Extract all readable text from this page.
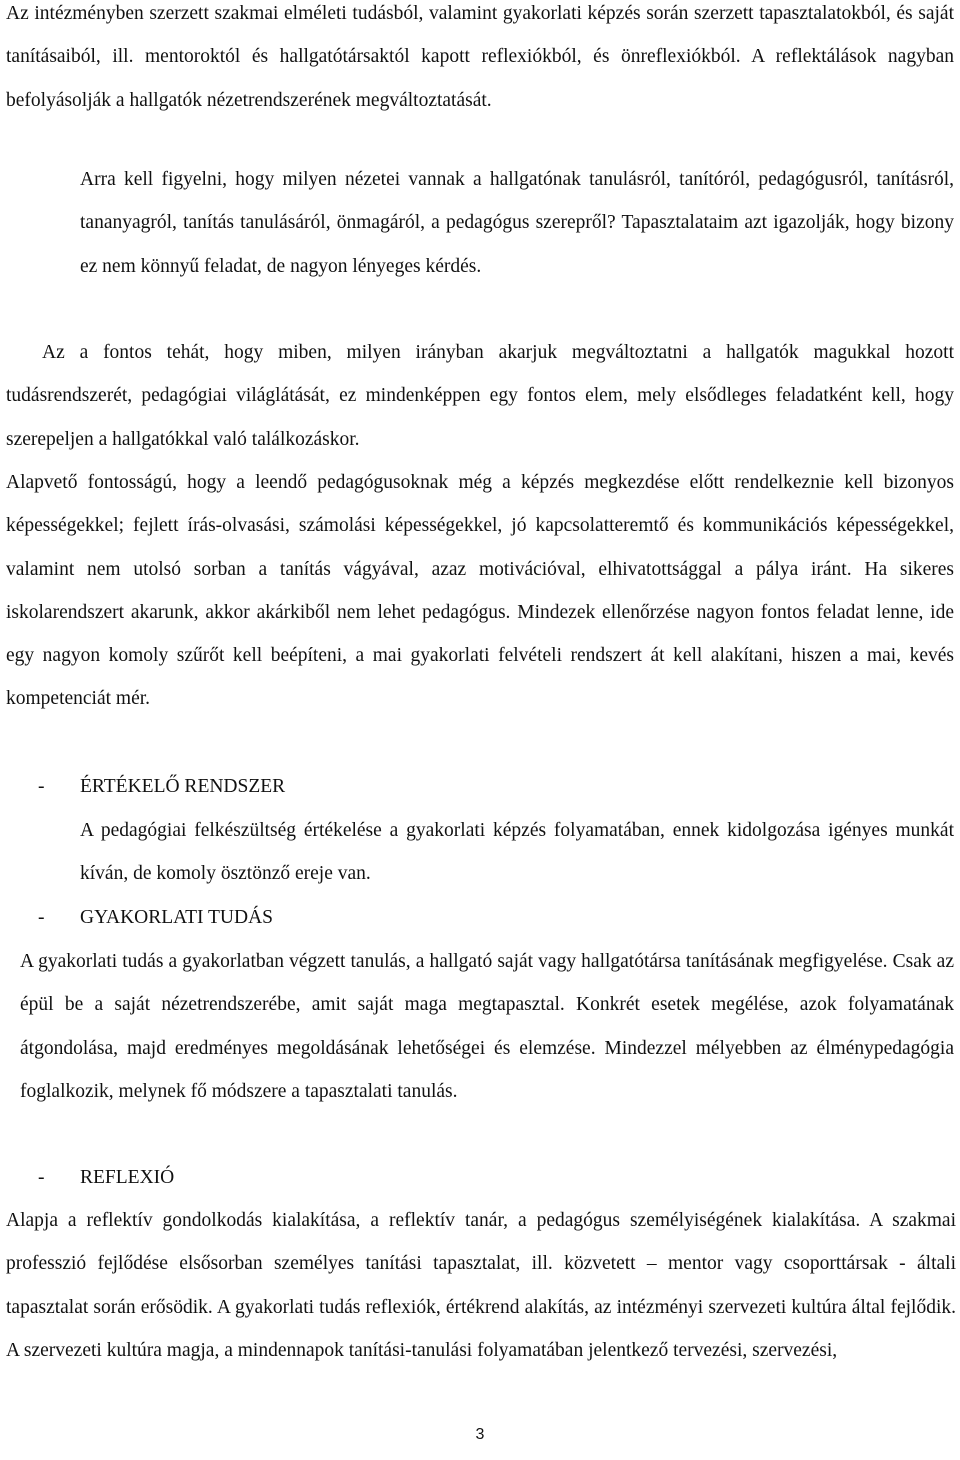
Az intézményben szerzett szakmai elméleti tudásból, valamint gyakorlati képzés során szerzett tapasztalatokból, és saját tanításaiból, ill. mentoroktól és hallgatótársaktól kapott reflexiókból, és önreflexiókból. A reflektálások nagyban befolyásolják a hallgatók nézetrendszerének megváltoztatását.

Arra kell figyelni, hogy milyen nézetei vannak a hallgatónak tanulásról, tanítóról, pedagógusról, tanításról, tananyagról, tanítás tanulásáról, önmagáról, a pedagógus szerepről? Tapasztalataim azt igazolják, hogy bizony ez nem könnyű feladat, de nagyon lényeges kérdés.

Az a fontos tehát, hogy miben, milyen irányban akarjuk megváltoztatni a hallgatók magukkal hozott tudásrendszerét, pedagógiai világlátását, ez mindenképpen egy fontos elem, mely elsődleges feladatként kell, hogy szerepeljen a hallgatókkal való találkozáskor.

Alapvető fontosságú, hogy a leendő pedagógusoknak még a képzés megkezdése előtt rendelkeznie kell bizonyos képességekkel; fejlett írás-olvasási, számolási képességekkel, jó kapcsolatteremtő és kommunikációs képességekkel, valamint nem utolsó sorban a tanítás vágyával, azaz motivációval, elhivatottsággal a pálya iránt. Ha sikeres iskolarendszert akarunk, akkor akárkiből nem lehet pedagógus. Mindezek ellenőrzése nagyon fontos feladat lenne, ide egy nagyon komoly szűrőt kell beépíteni, a mai gyakorlati felvételi rendszert át kell alakítani, hiszen a mai, kevés kompetenciát mér.

- ÉRTÉKELŐ RENDSZER

A pedagógiai felkészültség értékelése a gyakorlati képzés folyamatában, ennek kidolgozása igényes munkát kíván, de komoly ösztönző ereje van.

- GYAKORLATI TUDÁS

A gyakorlati tudás a gyakorlatban végzett tanulás, a hallgató saját vagy hallgatótársa tanításának megfigyelése. Csak az épül be a saját nézetrendszerébe, amit saját maga megtapasztal. Konkrét esetek megélése, azok folyamatának átgondolása, majd eredményes megoldásának lehetőségei és elemzése. Mindezzel mélyebben az élménypedagógia foglalkozik, melynek fő módszere a tapasztalati tanulás.

- REFLEXIÓ

Alapja a reflektív gondolkodás kialakítása, a reflektív tanár, a pedagógus személyiségének kialakítása. A szakmai professzió fejlődése elsősorban személyes tanítási tapasztalat, ill. közvetett – mentor vagy csoporttársak - általi tapasztalat során erősödik. A gyakorlati tudás reflexiók, értékrend alakítás, az intézményi szervezeti kultúra által fejlődik. A szervezeti kultúra magja, a mindennapok tanítási-tanulási folyamatában jelentkező tervezési, szervezési,

3
